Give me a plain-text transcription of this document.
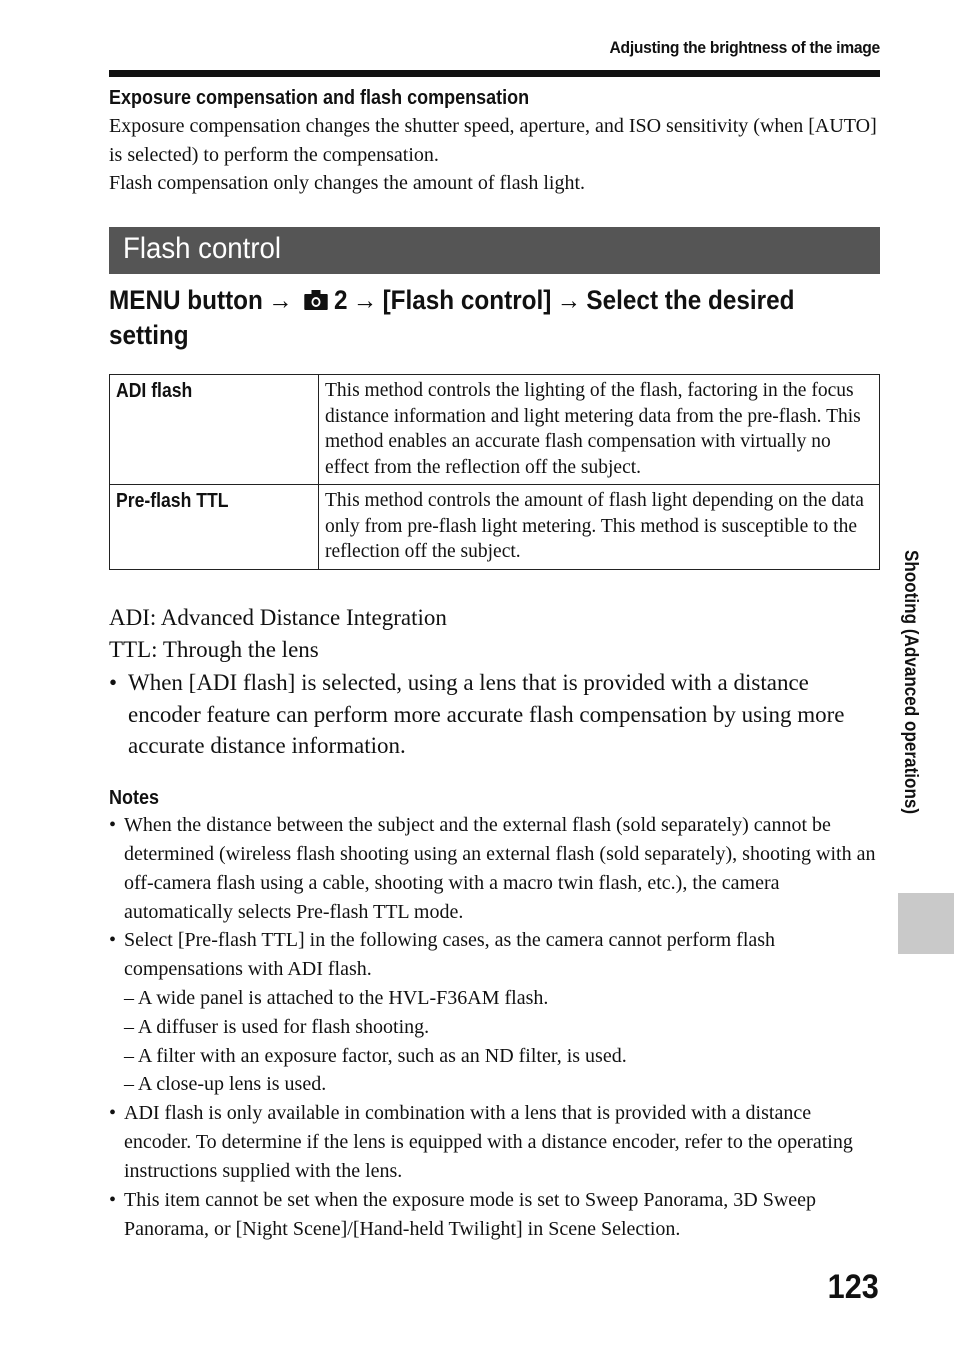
Adjusting the brightness of the image
Exposure compensation and flash compensation
Exposure compensation changes the shutter speed, aperture, and ISO sensitivity (when [AUTO] is selected) to perform the compensation.
Flash compensation only changes the amount of flash light.
Flash control
MENU button → 2 → [Flash control] → Select the desired setting
ADI flash	This method controls the lighting of the flash, factoring in the focus distance information and light metering data from the pre-flash. This method enables an accurate flash compensation with virtually no effect from the reflection off the subject.
Pre-flash TTL	This method controls the amount of flash light depending on the data only from pre-flash light metering. This method is susceptible to the reflection off the subject.
ADI: Advanced Distance Integration
TTL: Through the lens
• When [ADI flash] is selected, using a lens that is provided with a distance encoder feature can perform more accurate flash compensation by using more accurate distance information.
Notes
• When the distance between the subject and the external flash (sold separately) cannot be determined (wireless flash shooting using an external flash (sold separately), shooting with an off-camera flash using a cable, shooting with a macro twin flash, etc.), the camera automatically selects Pre-flash TTL mode.
• Select [Pre-flash TTL] in the following cases, as the camera cannot perform flash compensations with ADI flash.
– A wide panel is attached to the HVL-F36AM flash.
– A diffuser is used for flash shooting.
– A filter with an exposure factor, such as an ND filter, is used.
– A close-up lens is used.
• ADI flash is only available in combination with a lens that is provided with a distance encoder. To determine if the lens is equipped with a distance encoder, refer to the operating instructions supplied with the lens.
• This item cannot be set when the exposure mode is set to Sweep Panorama, 3D Sweep Panorama, or [Night Scene]/[Hand-held Twilight] in Scene Selection.
Shooting (Advanced operations)
123
